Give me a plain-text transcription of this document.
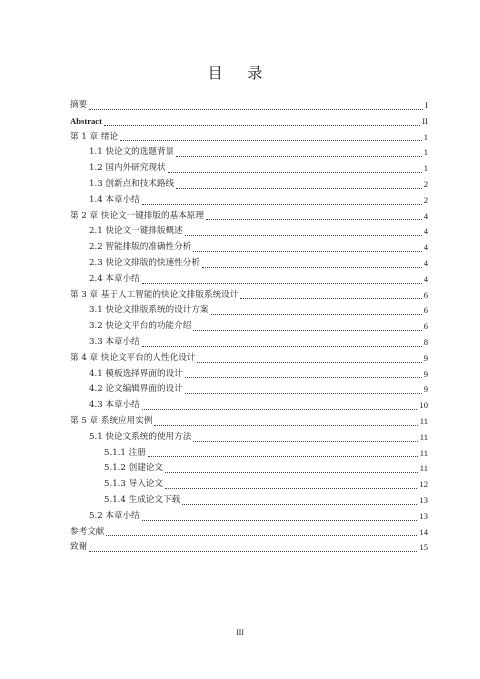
目 录
摘要	I
Abstract	II
第 1 章 绪论	1
1.1 快论文的选题背景	1
1.2 国内外研究现状	1
1.3 创新点和技术路线	2
1.4 本章小结	2
第 2 章 快论文一键排版的基本原理	4
2.1 快论文一键排版概述	4
2.2 智能排版的准确性分析	4
2.3 快论文排版的快速性分析	4
2.4 本章小结	4
第 3 章 基于人工智能的快论文排版系统设计	6
3.1 快论文排版系统的设计方案	6
3.2 快论文平台的功能介绍	6
3.3 本章小结	8
第 4 章 快论文平台的人性化设计	9
4.1 模板选择界面的设计	9
4.2 论文编辑界面的设计	9
4.3 本章小结	10
第 5 章 系统应用实例	11
5.1 快论文系统的使用方法	11
5.1.1 注册	11
5.1.2 创建论文	11
5.1.3 导入论文	12
5.1.4 生成论文下载	13
5.2 本章小结	13
参考文献	14
致谢	15
III
